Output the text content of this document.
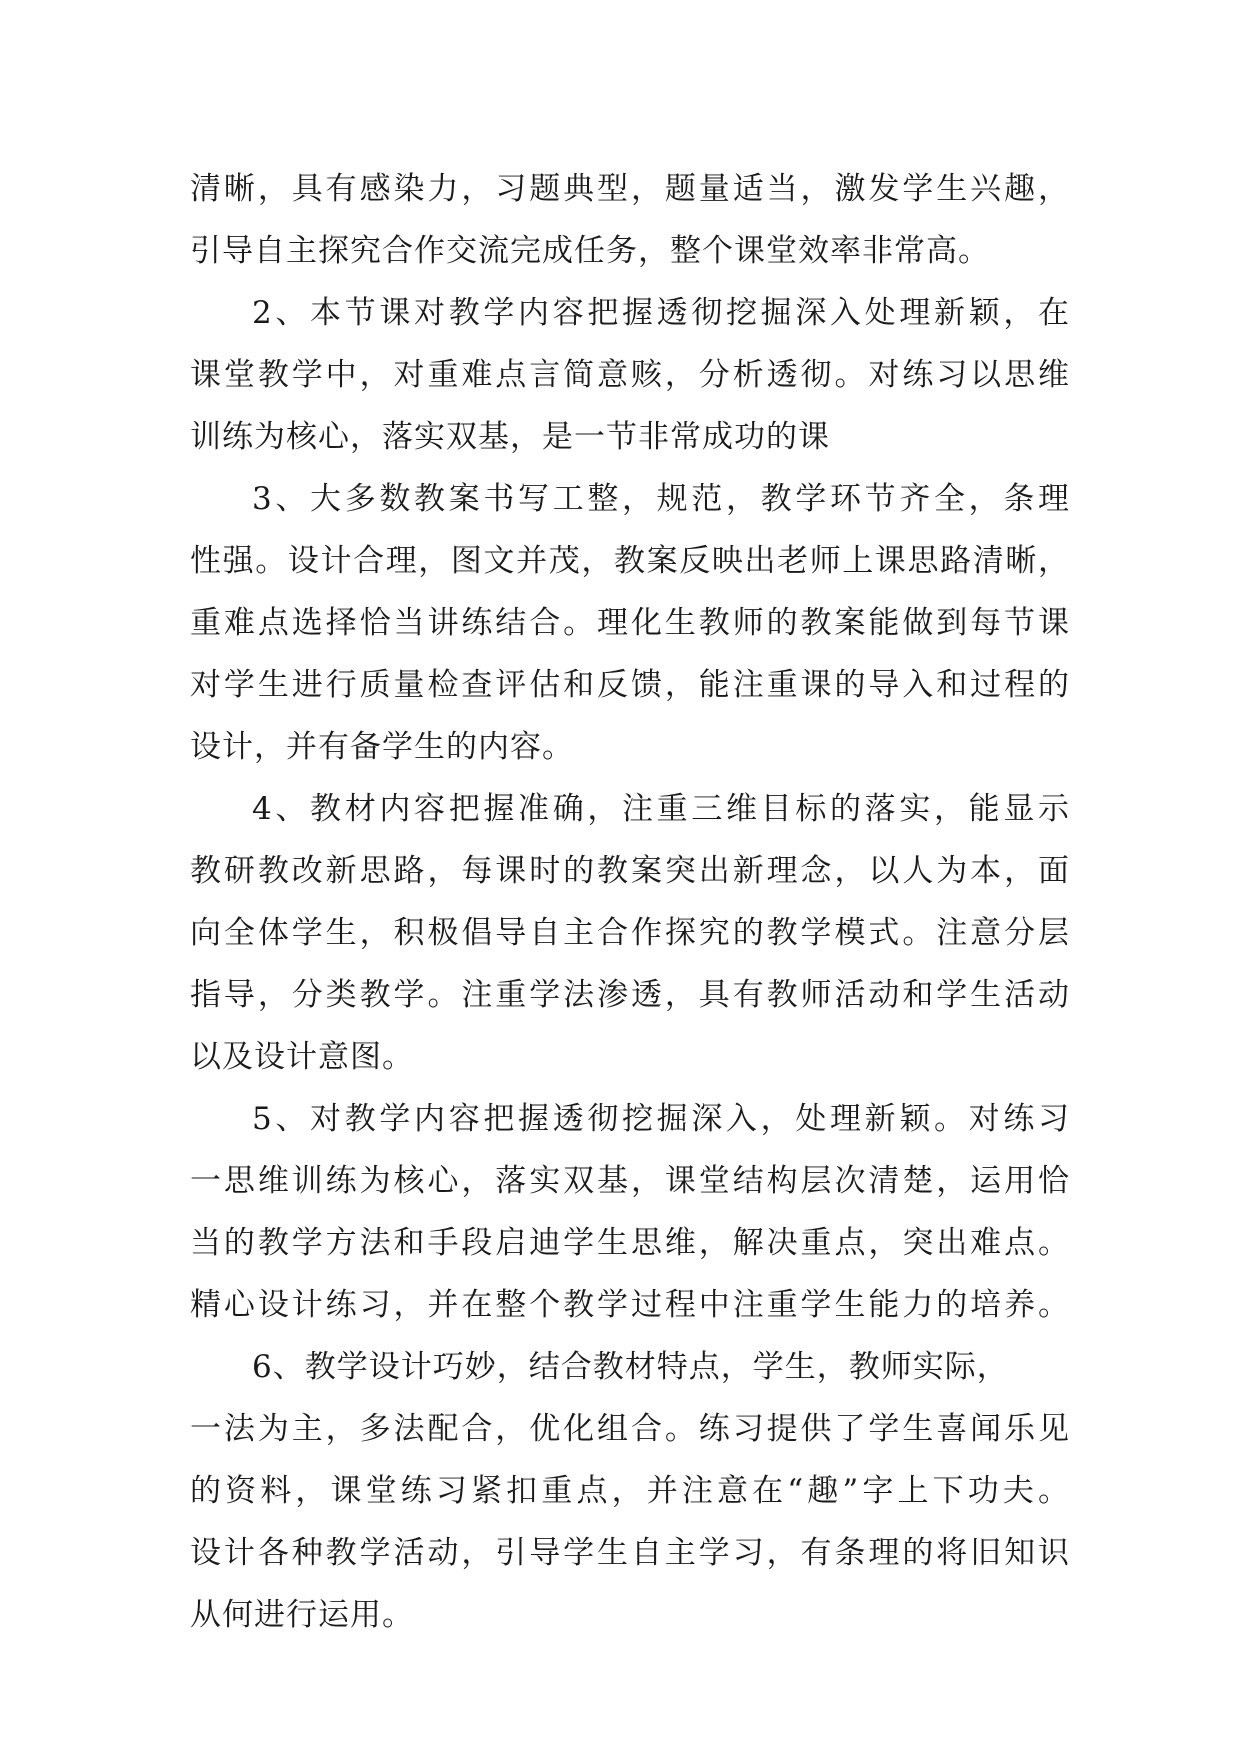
清晰，具有感染力，习题典型，题量适当，激发学生兴趣，
引导自主探究合作交流完成任务，整个课堂效率非常高。
2、本节课对教学内容把握透彻挖掘深入处理新颖，在
课堂教学中，对重难点言简意赅，分析透彻。对练习以思维
训练为核心，落实双基，是一节非常成功的课
3、大多数教案书写工整，规范，教学环节齐全，条理
性强。设计合理，图文并茂，教案反映出老师上课思路清晰，
重难点选择恰当讲练结合。理化生教师的教案能做到每节课
对学生进行质量检查评估和反馈，能注重课的导入和过程的
设计，并有备学生的内容。
4、教材内容把握准确，注重三维目标的落实，能显示
教研教改新思路，每课时的教案突出新理念，以人为本，面
向全体学生，积极倡导自主合作探究的教学模式。注意分层
指导，分类教学。注重学法渗透，具有教师活动和学生活动
以及设计意图。
5、对教学内容把握透彻挖掘深入，处理新颖。对练习
一思维训练为核心，落实双基，课堂结构层次清楚，运用恰
当的教学方法和手段启迪学生思维，解决重点，突出难点。
精心设计练习，并在整个教学过程中注重学生能力的培养。
6、教学设计巧妙，结合教材特点，学生，教师实际，
一法为主，多法配合，优化组合。练习提供了学生喜闻乐见
的资料，课堂练习紧扣重点，并注意在“趣”字上下功夫。
设计各种教学活动，引导学生自主学习，有条理的将旧知识
从何进行运用。
